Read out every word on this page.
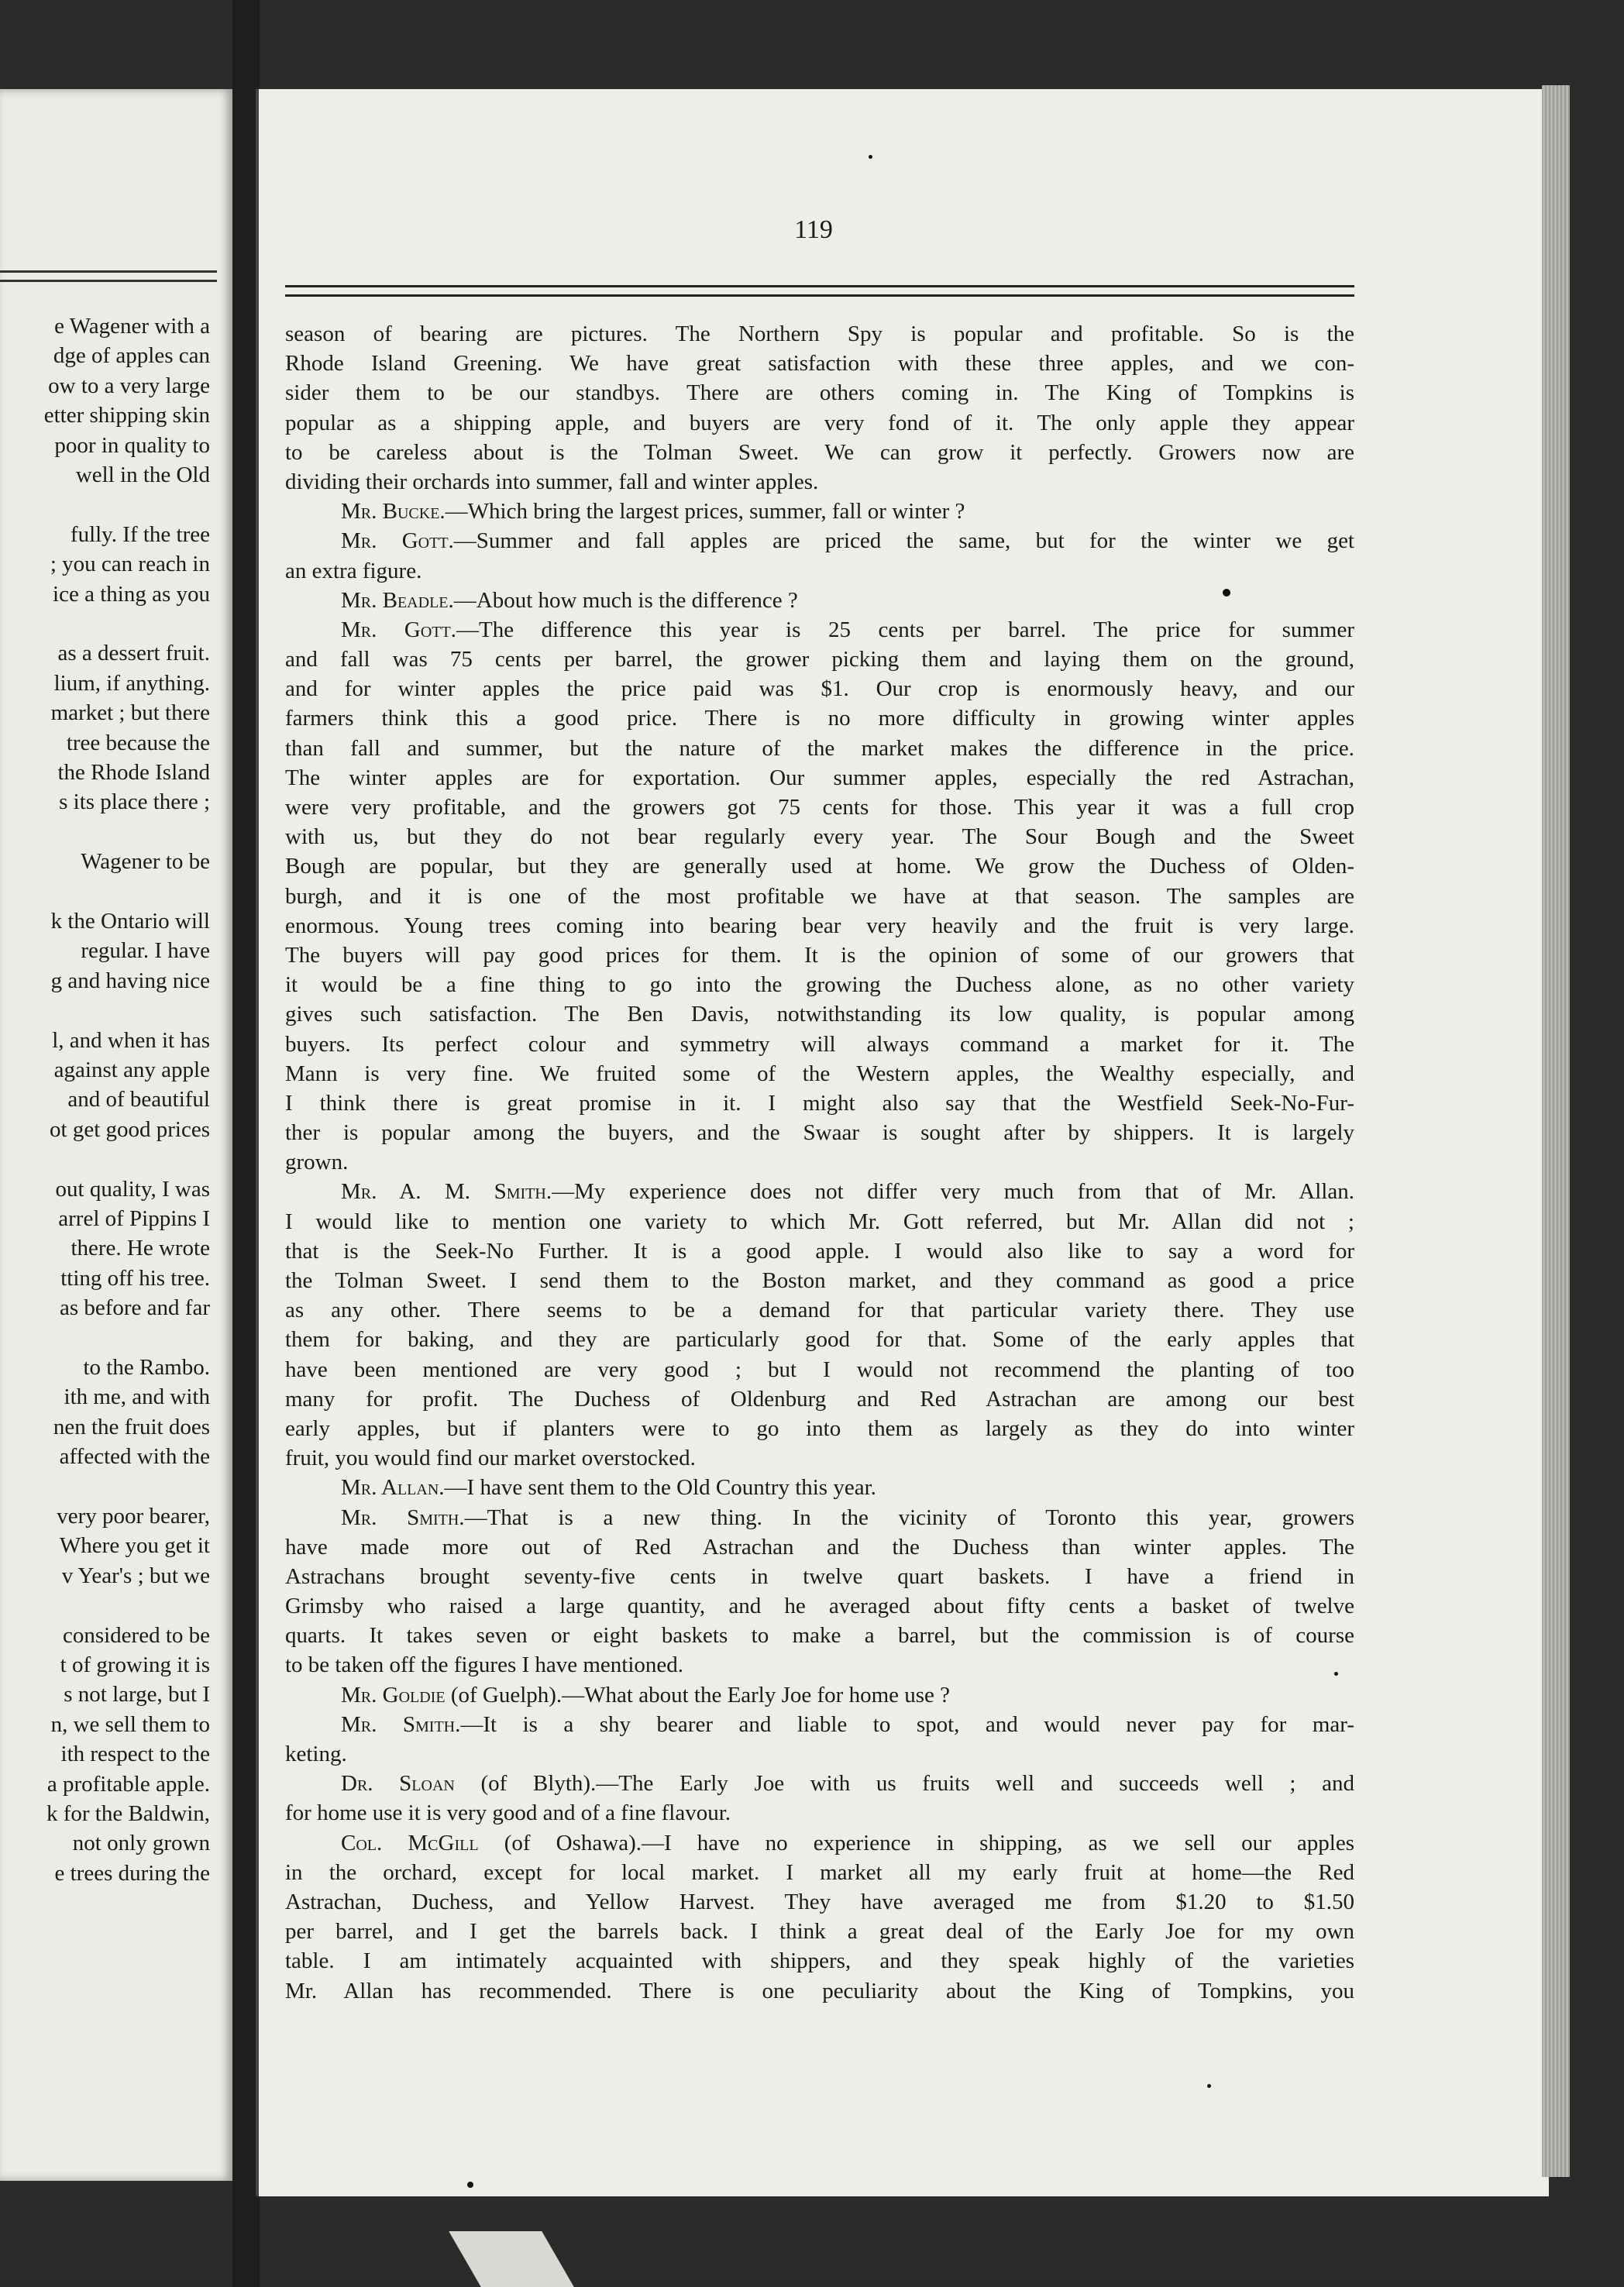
e Wagener with a
dge of apples can
ow to a very large
etter shipping skin
poor in quality to
well in the Old
fully. If the tree
; you can reach in
ice a thing as you
as a dessert fruit.
lium, if anything.
market ; but there
tree because the
the Rhode Island
s its place there ;
Wagener to be
k the Ontario will
regular. I have
g and having nice
l, and when it has
against any apple
and of beautiful
ot get good prices
out quality, I was
arrel of Pippins I
there. He wrote
tting off his tree.
as before and far
to the Rambo.
ith me, and with
nen the fruit does
affected with the
very poor bearer,
Where you get it
v Year's ; but we
considered to be
t of growing it is
s not large, but I
n, we sell them to
ith respect to the
a profitable apple.
k for the Baldwin,
not only grown
e trees during the
119
season of bearing are pictures. The Northern Spy is popular and profitable. So is the
Rhode Island Greening. We have great satisfaction with these three apples, and we con-
sider them to be our standbys. There are others coming in. The King of Tompkins is
popular as a shipping apple, and buyers are very fond of it. The only apple they appear
to be careless about is the Tolman Sweet. We can grow it perfectly. Growers now are
dividing their orchards into summer, fall and winter apples.
Mr. Bucke.—Which bring the largest prices, summer, fall or winter ?
Mr. Gott.—Summer and fall apples are priced the same, but for the winter we get
an extra figure.
Mr. Beadle.—About how much is the difference ?
Mr. Gott.—The difference this year is 25 cents per barrel. The price for summer
and fall was 75 cents per barrel, the grower picking them and laying them on the ground,
and for winter apples the price paid was $1. Our crop is enormously heavy, and our
farmers think this a good price. There is no more difficulty in growing winter apples
than fall and summer, but the nature of the market makes the difference in the price.
The winter apples are for exportation. Our summer apples, especially the red Astrachan,
were very profitable, and the growers got 75 cents for those. This year it was a full crop
with us, but they do not bear regularly every year. The Sour Bough and the Sweet
Bough are popular, but they are generally used at home. We grow the Duchess of Olden-
burgh, and it is one of the most profitable we have at that season. The samples are
enormous. Young trees coming into bearing bear very heavily and the fruit is very large.
The buyers will pay good prices for them. It is the opinion of some of our growers that
it would be a fine thing to go into the growing the Duchess alone, as no other variety
gives such satisfaction. The Ben Davis, notwithstanding its low quality, is popular among
buyers. Its perfect colour and symmetry will always command a market for it. The
Mann is very fine. We fruited some of the Western apples, the Wealthy especially, and
I think there is great promise in it. I might also say that the Westfield Seek-No-Fur-
ther is popular among the buyers, and the Swaar is sought after by shippers. It is largely
grown.
Mr. A. M. Smith.—My experience does not differ very much from that of Mr. Allan.
I would like to mention one variety to which Mr. Gott referred, but Mr. Allan did not ;
that is the Seek-No Further. It is a good apple. I would also like to say a word for
the Tolman Sweet. I send them to the Boston market, and they command as good a price
as any other. There seems to be a demand for that particular variety there. They use
them for baking, and they are particularly good for that. Some of the early apples that
have been mentioned are very good ; but I would not recommend the planting of too
many for profit. The Duchess of Oldenburg and Red Astrachan are among our best
early apples, but if planters were to go into them as largely as they do into winter
fruit, you would find our market overstocked.
Mr. Allan.—I have sent them to the Old Country this year.
Mr. Smith.—That is a new thing. In the vicinity of Toronto this year, growers
have made more out of Red Astrachan and the Duchess than winter apples. The
Astrachans brought seventy-five cents in twelve quart baskets. I have a friend in
Grimsby who raised a large quantity, and he averaged about fifty cents a basket of twelve
quarts. It takes seven or eight baskets to make a barrel, but the commission is of course
to be taken off the figures I have mentioned.
Mr. Goldie (of Guelph).—What about the Early Joe for home use ?
Mr. Smith.—It is a shy bearer and liable to spot, and would never pay for mar-
keting.
Dr. Sloan (of Blyth).—The Early Joe with us fruits well and succeeds well ; and
for home use it is very good and of a fine flavour.
Col. McGill (of Oshawa).—I have no experience in shipping, as we sell our apples
in the orchard, except for local market. I market all my early fruit at home—the Red
Astrachan, Duchess, and Yellow Harvest. They have averaged me from $1.20 to $1.50
per barrel, and I get the barrels back. I think a great deal of the Early Joe for my own
table. I am intimately acquainted with shippers, and they speak highly of the varieties
Mr. Allan has recommended. There is one peculiarity about the King of Tompkins, you
